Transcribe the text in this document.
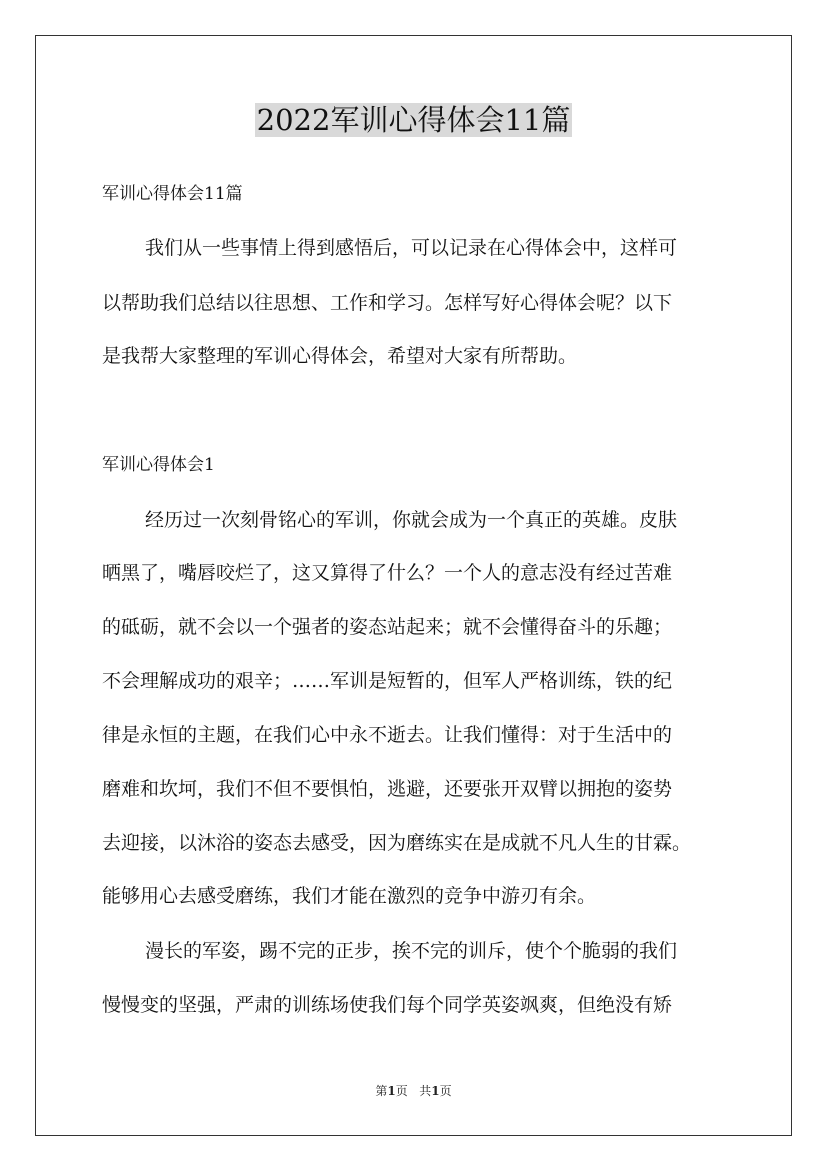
2022军训心得体会11篇
军训心得体会11篇
我们从一些事情上得到感悟后，可以记录在心得体会中，这样可
以帮助我们总结以往思想、工作和学习。怎样写好心得体会呢？以下
是我帮大家整理的军训心得体会，希望对大家有所帮助。
军训心得体会1
经历过一次刻骨铭心的军训，你就会成为一个真正的英雄。皮肤
晒黑了，嘴唇咬烂了，这又算得了什么？一个人的意志没有经过苦难
的砥砺，就不会以一个强者的姿态站起来；就不会懂得奋斗的乐趣；
不会理解成功的艰辛；……军训是短暂的，但军人严格训练，铁的纪
律是永恒的主题，在我们心中永不逝去。让我们懂得：对于生活中的
磨难和坎坷，我们不但不要惧怕，逃避，还要张开双臂以拥抱的姿势
去迎接，以沐浴的姿态去感受，因为磨练实在是成就不凡人生的甘霖。
能够用心去感受磨练，我们才能在激烈的竞争中游刃有余。
漫长的军姿，踢不完的正步，挨不完的训斥，使个个脆弱的我们
慢慢变的坚强，严肃的训练场使我们每个同学英姿飒爽，但绝没有矫
第1页   共1页
